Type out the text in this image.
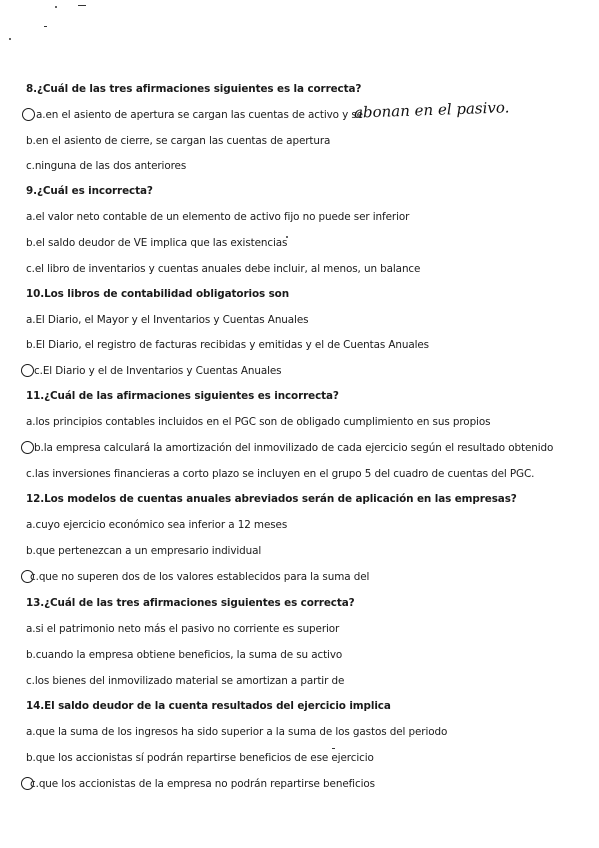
8.¿Cuál de las tres afirmaciones siguientes es la correcta?
a.en el asiento de apertura se cargan las cuentas de activo y se
abonan en el pasivo.
b.en el asiento de cierre, se cargan las cuentas de apertura
c.ninguna de las dos anteriores
9.¿Cuál es incorrecta?
a.el valor neto contable de un elemento de activo fijo no puede ser inferior
b.el saldo deudor de VE implica que las existencias
c.el libro de inventarios y cuentas anuales debe incluir, al menos, un balance
10.Los libros de contabilidad obligatorios son
a.El Diario, el Mayor y el Inventarios y Cuentas Anuales
b.El Diario, el registro de facturas recibidas y emitidas y el de Cuentas Anuales
c.El Diario y el de Inventarios y Cuentas Anuales
11.¿Cuál de las afirmaciones siguientes es incorrecta?
a.los principios contables incluidos en el PGC son de obligado cumplimiento en sus propios
b.la empresa calculará la amortización del inmovilizado de cada ejercicio según el resultado obtenido
c.las inversiones financieras a corto plazo se incluyen en el grupo 5 del cuadro de cuentas del PGC.
12.Los modelos de cuentas anuales abreviados serán de aplicación en las empresas?
a.cuyo ejercicio económico sea inferior a 12 meses
b.que pertenezcan a un empresario individual
c.que no superen dos de los valores establecidos para la suma del
13.¿Cuál de las tres afirmaciones siguientes es correcta?
a.si el patrimonio neto más el pasivo no corriente es superior
b.cuando la empresa obtiene beneficios, la suma de su activo
c.los bienes del inmovilizado material se amortizan a partir de
14.El saldo deudor de la cuenta resultados del ejercicio implica
a.que la suma de los ingresos ha sido superior a la suma de los gastos del periodo
b.que los accionistas sí podrán repartirse beneficios de ese ejercicio
c.que los accionistas de la empresa no podrán repartirse beneficios
